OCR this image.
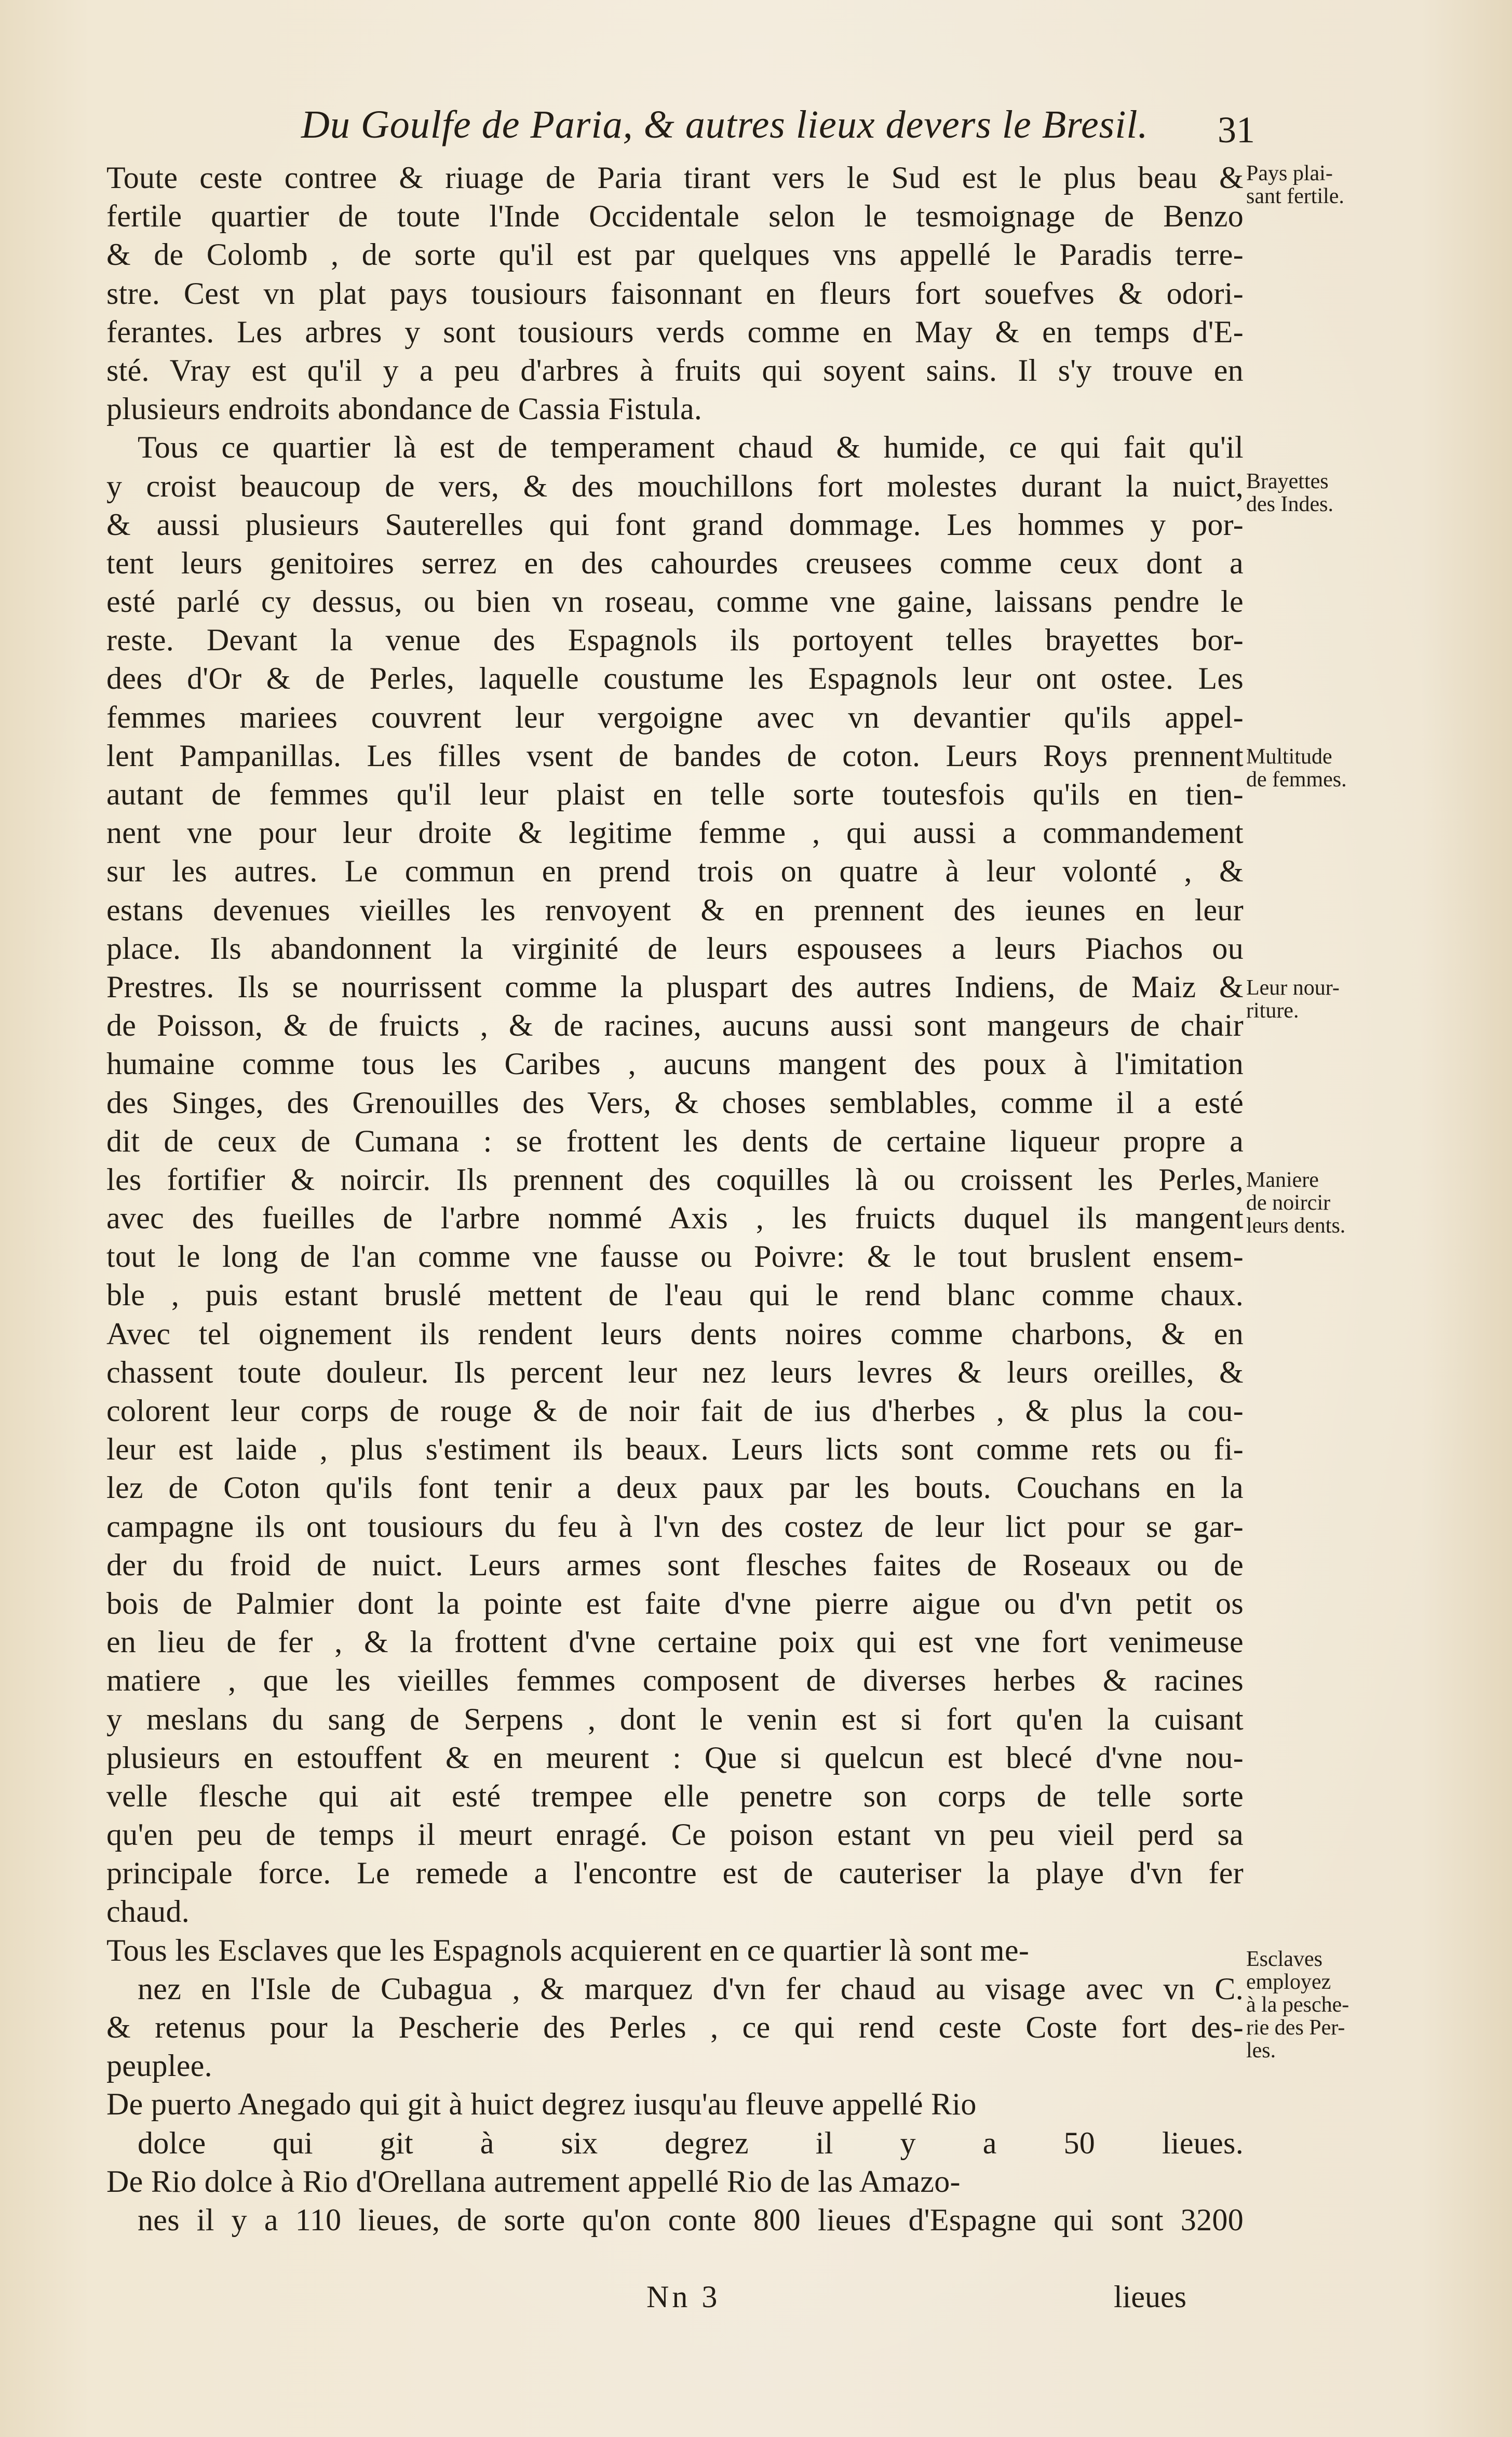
Du Goulfe de Paria, & autres lieux devers le Bresil.	31
Toute ceste contree & riuage de Paria tirant vers le Sud est le plus beau &
fertile quartier de toute l'Inde Occidentale selon le tesmoignage de Benzo
& de Colomb , de sorte qu'il est par quelques vns appellé le Paradis terre-
stre. Cest vn plat pays tousiours faisonnant en fleurs fort souefves & odori-
ferantes. Les arbres y sont tousiours verds comme en May & en temps d'E-
sté. Vray est qu'il y a peu d'arbres à fruits qui soyent sains. Il s'y trouve en
plusieurs endroits abondance de Cassia Fistula.
Tous ce quartier là est de temperament chaud & humide, ce qui fait qu'il
y croist beaucoup de vers, & des mouchillons fort molestes durant la nuict,
& aussi plusieurs Sauterelles qui font grand dommage. Les hommes y por-
tent leurs genitoires serrez en des cahourdes creusees comme ceux dont a
esté parlé cy dessus, ou bien vn roseau, comme vne gaine, laissans pendre le
reste. Devant la venue des Espagnols ils portoyent telles brayettes bor-
dees d'Or & de Perles, laquelle coustume les Espagnols leur ont ostee. Les
femmes mariees couvrent leur vergoigne avec vn devantier qu'ils appel-
lent Pampanillas. Les filles vsent de bandes de coton. Leurs Roys prennent
autant de femmes qu'il leur plaist en telle sorte toutesfois qu'ils en tien-
nent vne pour leur droite & legitime femme , qui aussi a commandement
sur les autres. Le commun en prend trois on quatre à leur volonté , &
estans devenues vieilles les renvoyent & en prennent des ieunes en leur
place. Ils abandonnent la virginité de leurs espousees a leurs Piachos ou
Prestres. Ils se nourrissent comme la pluspart des autres Indiens, de Maiz &
de Poisson, & de fruicts , & de racines, aucuns aussi sont mangeurs de chair
humaine comme tous les Caribes , aucuns mangent des poux à l'imitation
des Singes, des Grenouilles des Vers, & choses semblables, comme il a esté
dit de ceux de Cumana : se frottent les dents de certaine liqueur propre a
les fortifier & noircir. Ils prennent des coquilles là ou croissent les Perles,
avec des fueilles de l'arbre nommé Axis , les fruicts duquel ils mangent
tout le long de l'an comme vne fausse ou Poivre: & le tout bruslent ensem-
ble , puis estant bruslé mettent de l'eau qui le rend blanc comme chaux.
Avec tel oignement ils rendent leurs dents noires comme charbons, & en
chassent toute douleur. Ils percent leur nez leurs levres & leurs oreilles, &
colorent leur corps de rouge & de noir fait de ius d'herbes , & plus la cou-
leur est laide , plus s'estiment ils beaux. Leurs licts sont comme rets ou fi-
lez de Coton qu'ils font tenir a deux paux par les bouts. Couchans en la
campagne ils ont tousiours du feu à l'vn des costez de leur lict pour se gar-
der du froid de nuict. Leurs armes sont flesches faites de Roseaux ou de
bois de Palmier dont la pointe est faite d'vne pierre aigue ou d'vn petit os
en lieu de fer , & la frottent d'vne certaine poix qui est vne fort venimeuse
matiere , que les vieilles femmes composent de diverses herbes & racines
y meslans du sang de Serpens , dont le venin est si fort qu'en la cuisant
plusieurs en estouffent & en meurent : Que si quelcun est blecé d'vne nou-
velle flesche qui ait esté trempee elle penetre son corps de telle sorte
qu'en peu de temps il meurt enragé. Ce poison estant vn peu vieil perd sa
principale force. Le remede a l'encontre est de cauteriser la playe d'vn fer
chaud.
Tous les Esclaves que les Espagnols acquierent en ce quartier là sont me-
nez en l'Isle de Cubagua , & marquez d'vn fer chaud au visage avec vn C.
& retenus pour la Pescherie des Perles , ce qui rend ceste Coste fort des-
peuplee.
De puerto Anegado qui git à huict degrez iusqu'au fleuve appellé Rio
dolce qui git à six degrez il y a 50 lieues.
De Rio dolce à Rio d'Orellana autrement appellé Rio de las Amazo-
nes il y a 110 lieues, de sorte qu'on conte 800 lieues d'Espagne qui sont 3200
Nn 3	lieues
Pays plai-
sant fertile.
Brayettes
des Indes.
Multitude
de femmes.
Leur nour-
riture.
Maniere
de noircir
leurs dents.
Esclaves
employez
à la pesche-
rie des Per-
les.
